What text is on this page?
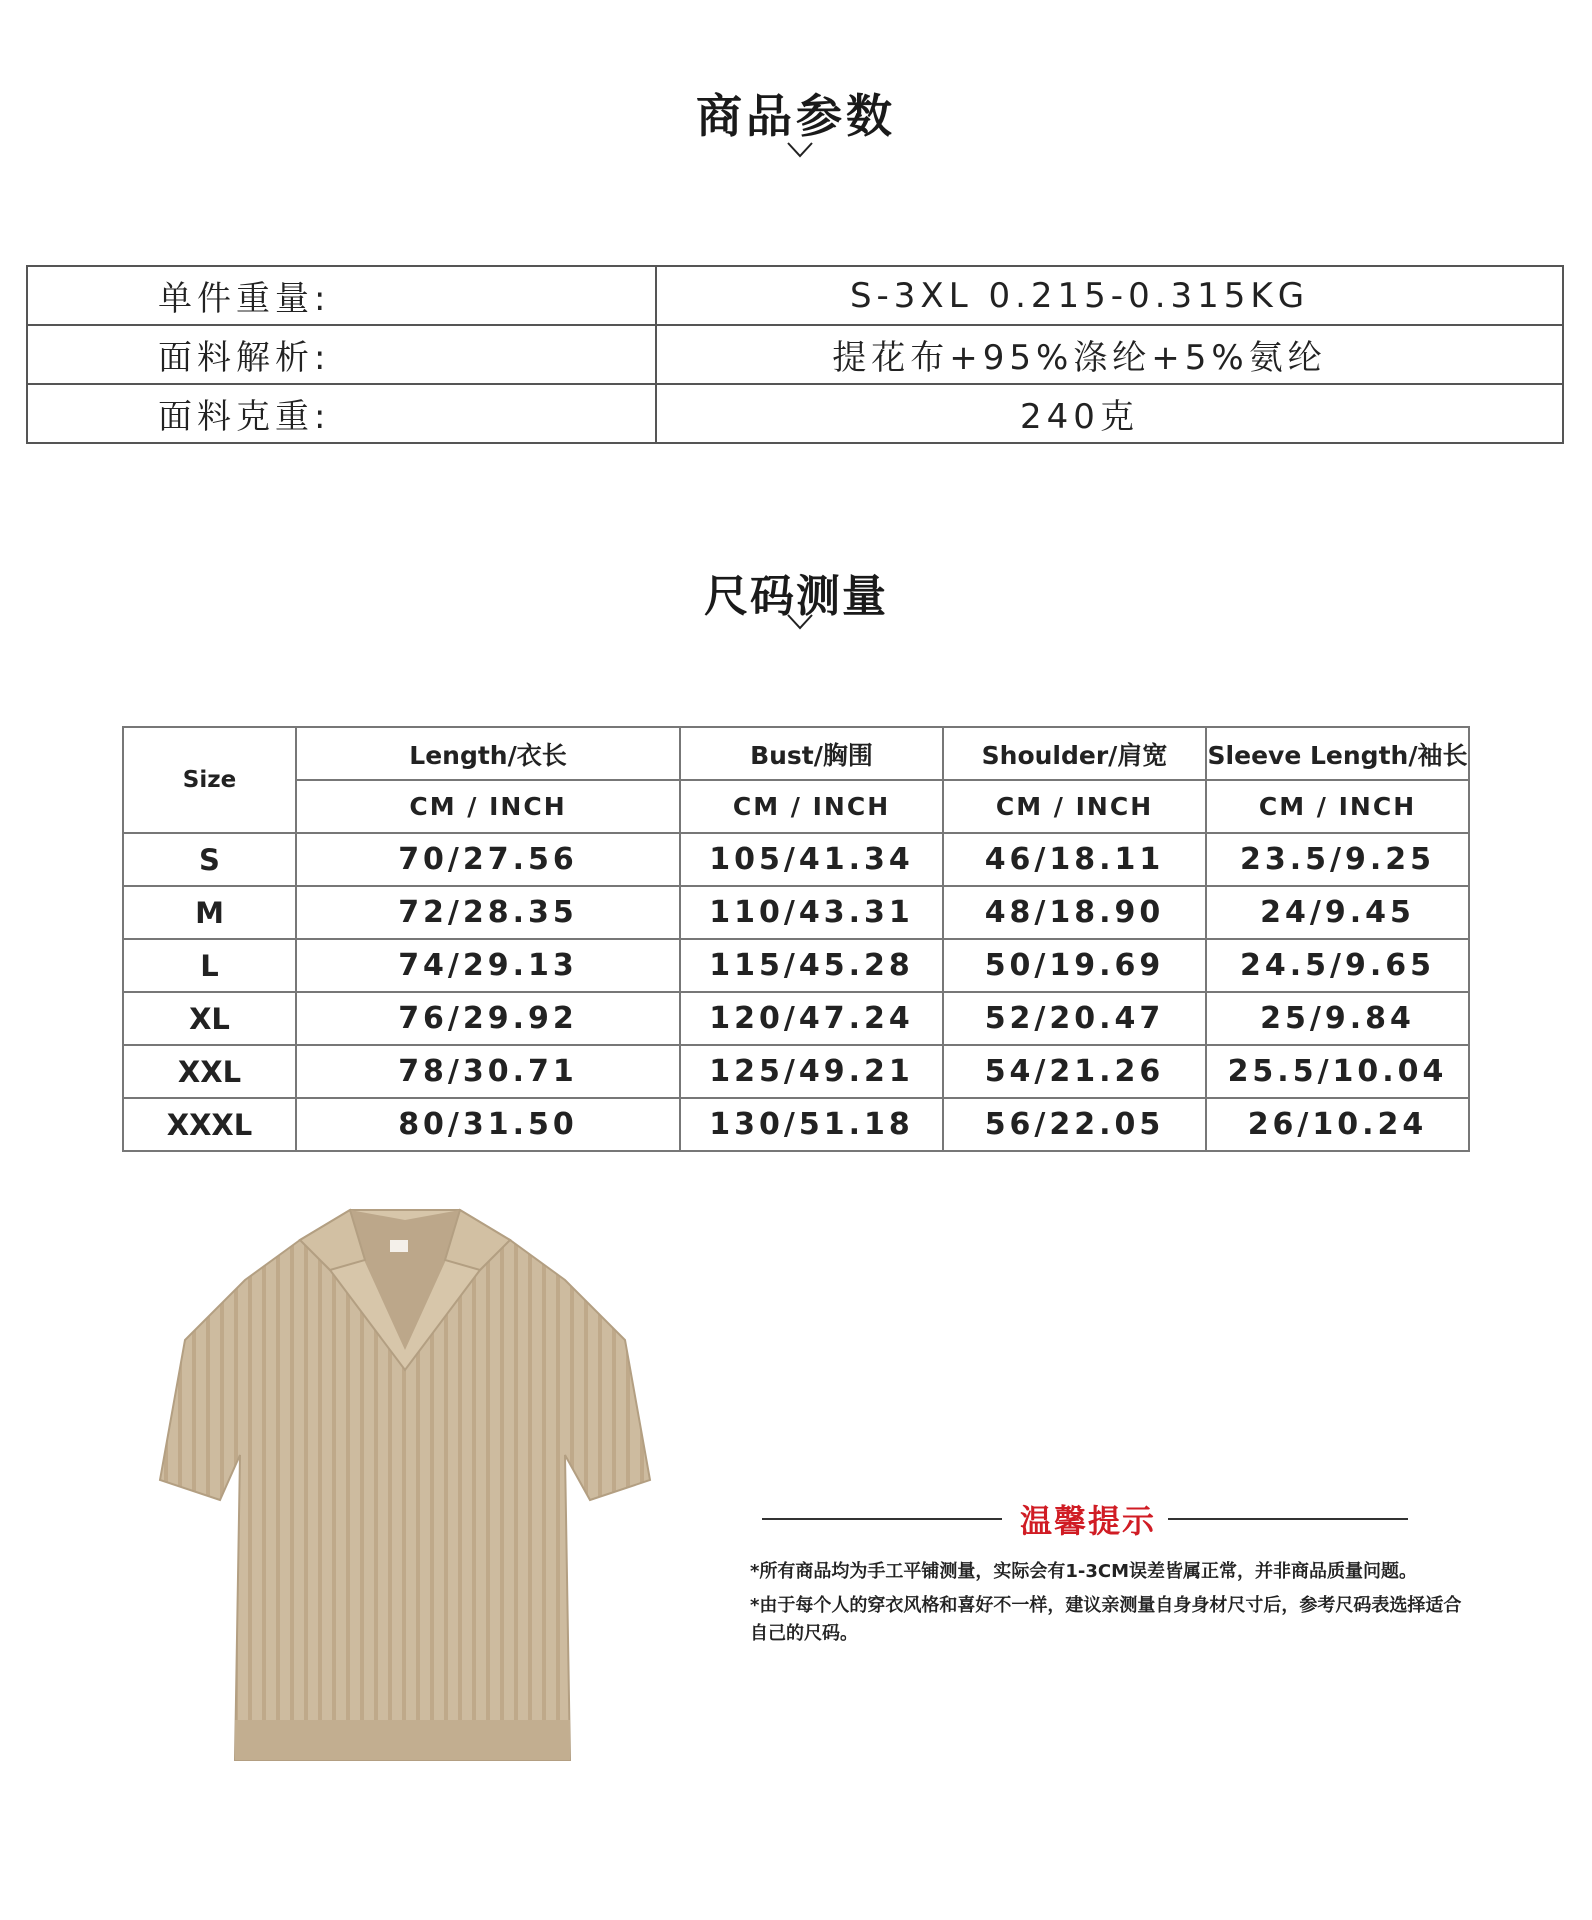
商品参数
单件重量:	S-3XL 0.215-0.315KG
面料解析:	提花布+95%涤纶+5%氨纶
面料克重:	240克
尺码测量
Size	Length/衣长	Bust/胸围	Shoulder/肩宽	Sleeve Length/袖长
	CM / INCH	CM / INCH	CM / INCH	CM / INCH
S	70/27.56	105/41.34	46/18.11	23.5/9.25
M	72/28.35	110/43.31	48/18.90	24/9.45
L	74/29.13	115/45.28	50/19.69	24.5/9.65
XL	76/29.92	120/47.24	52/20.47	25/9.84
XXL	78/30.71	125/49.21	54/21.26	25.5/10.04
XXXL	80/31.50	130/51.18	56/22.05	26/10.24
温馨提示
*所有商品均为手工平铺测量，实际会有1-3CM误差皆属正常，并非商品质量问题。
*由于每个人的穿衣风格和喜好不一样，建议亲测量自身身材尺寸后，参考尺码表选择适合自己的尺码。
